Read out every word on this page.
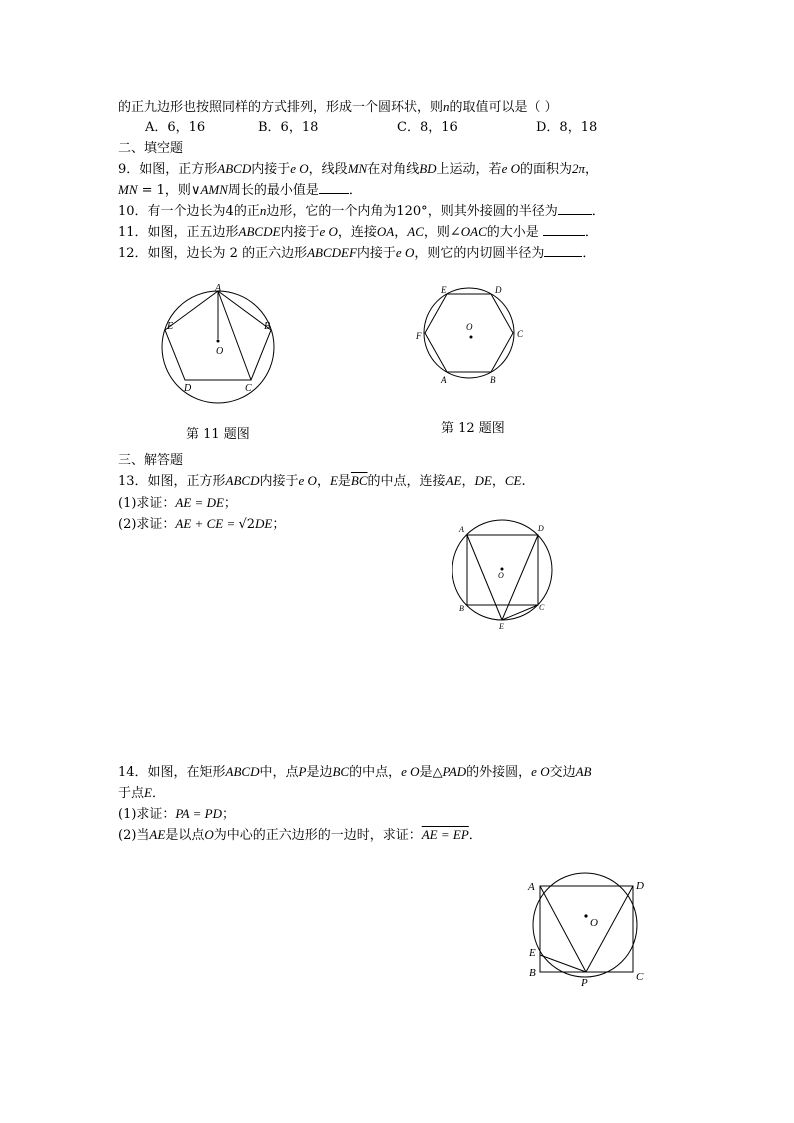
的正九边形也按照同样的方式排列，形成一个圆环状，则n的取值可以是（ ）
A．6，16	B．6，18	C．8，16	D．8，18
二、填空题
9．如图，正方形ABCD内接于e O，线段MN在对角线BD上运动，若e O的面积为2π，
MN = 1，则∨AMN周长的最小值是 ．
10．有一个边长为4的正n边形，它的一个内角为120°，则其外接圆的半径为	．
11．如图，正五边形ABCDE内接于e O，连接OA，AC，则∠OAC的大小是	．
12．如图，边长为 2 的正六边形ABCDEF内接于e O，则它的内切圆半径为	．
A
B
C
D
E
O
第 11 题图
A	B
C
D
E
F
O
第 12 题图
三、解答题
13．如图，正方形ABCD内接于e O，E是$\overline{BC}$的中点，连接AE，DE，CE.
(1)求证：AE = DE；
(2)求证：AE + CE = √2DE；	A	D
B	C
E
O
14．如图，在矩形ABCD中，点P是边BC的中点，e O是△PAD的外接圆，e O交边AB
于点E．
(1)求证：PA = PD；
(2)当AE是以点O为中心的正六边形的一边时，求证：AE = EP．
A	D
E
B
P	C
O
